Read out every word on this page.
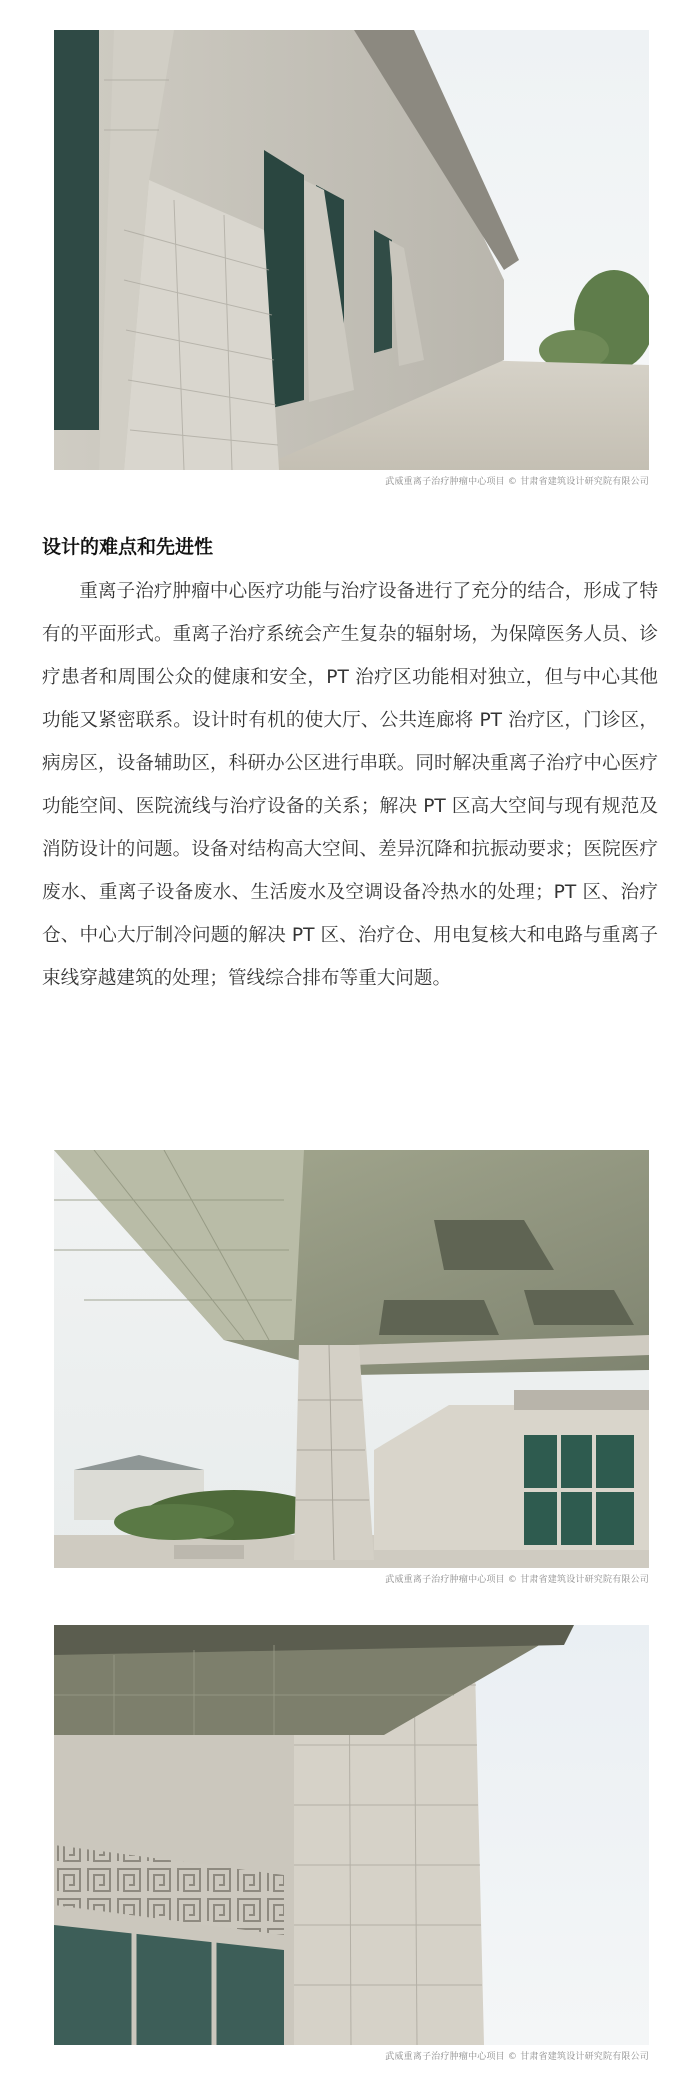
武威重离子治疗肿瘤中心项目 © 甘肃省建筑设计研究院有限公司
设计的难点和先进性

重离子治疗肿瘤中心医疗功能与治疗设备进行了充分的结合，形成了特有的平面形式。重离子治疗系统会产生复杂的辐射场，为保障医务人员、诊疗患者和周围公众的健康和安全，PT 治疗区功能相对独立，但与中心其他功能又紧密联系。设计时有机的使大厅、公共连廊将 PT 治疗区，门诊区，病房区，设备辅助区，科研办公区进行串联。同时解决重离子治疗中心医疗功能空间、医院流线与治疗设备的关系；解决 PT 区高大空间与现有规范及消防设计的问题。设备对结构高大空间、差异沉降和抗振动要求；医院医疗废水、重离子设备废水、生活废水及空调设备冷热水的处理；PT 区、治疗仓、中心大厅制冷问题的解决 PT 区、治疗仓、用电复核大和电路与重离子束线穿越建筑的处理；管线综合排布等重大问题。

武威重离子治疗肿瘤中心项目 © 甘肃省建筑设计研究院有限公司
武威重离子治疗肿瘤中心项目 © 甘肃省建筑设计研究院有限公司
